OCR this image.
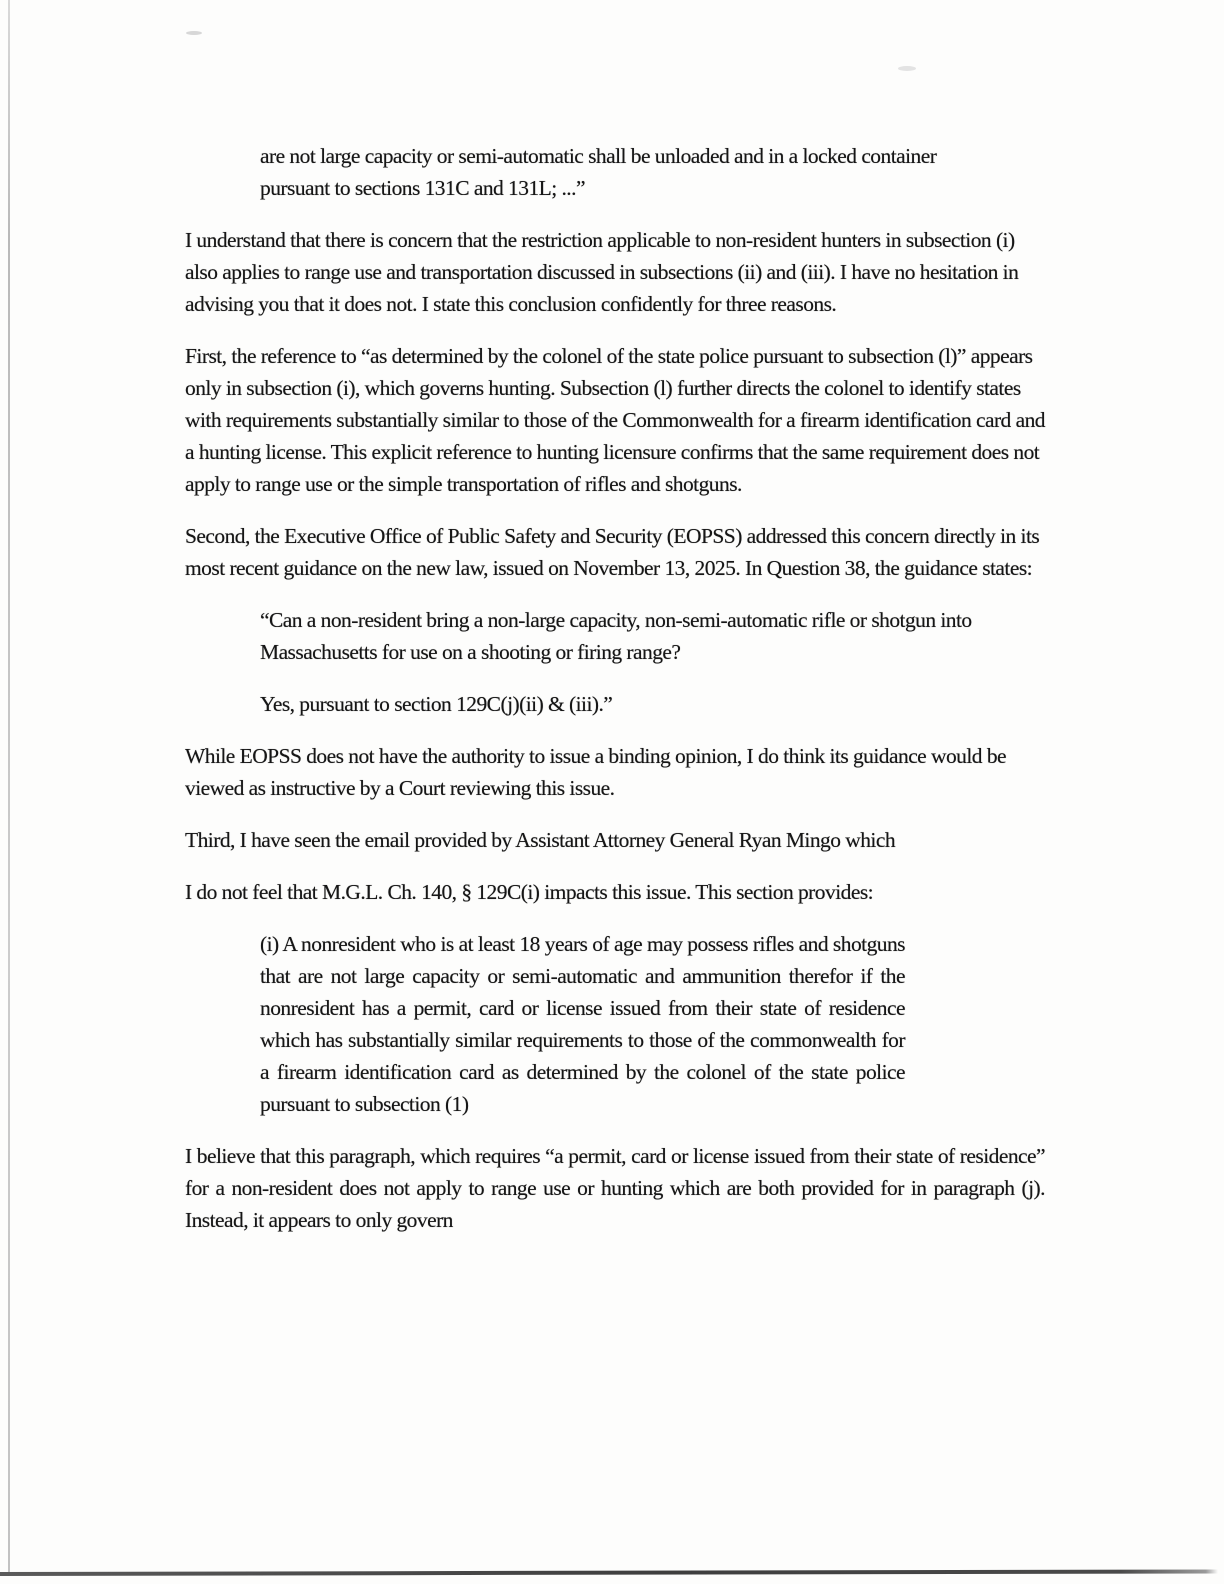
are not large capacity or semi-automatic shall be unloaded and in a locked container pursuant to sections 131C and 131L; ...”

I understand that there is concern that the restriction applicable to non-resident hunters in subsection (i) also applies to range use and transportation discussed in subsections (ii) and (iii). I have no hesitation in advising you that it does not. I state this conclusion confidently for three reasons.

First, the reference to “as determined by the colonel of the state police pursuant to subsection (l)” appears only in subsection (i), which governs hunting. Subsection (l) further directs the colonel to identify states with requirements substantially similar to those of the Commonwealth for a firearm identification card and a hunting license. This explicit reference to hunting licensure confirms that the same requirement does not apply to range use or the simple transportation of rifles and shotguns.

Second, the Executive Office of Public Safety and Security (EOPSS) addressed this concern directly in its most recent guidance on the new law, issued on November 13, 2025. In Question 38, the guidance states:

“Can a non-resident bring a non-large capacity, non-semi-automatic rifle or shotgun into Massachusetts for use on a shooting or firing range?

Yes, pursuant to section 129C(j)(ii) & (iii).”

While EOPSS does not have the authority to issue a binding opinion, I do think its guidance would be viewed as instructive by a Court reviewing this issue.

Third, I have seen the email provided by Assistant Attorney General Ryan Mingo which

I do not feel that M.G.L. Ch. 140, § 129C(i) impacts this issue. This section provides:

(i) A nonresident who is at least 18 years of age may possess rifles and shotguns that are not large capacity or semi-automatic and ammunition therefor if the nonresident has a permit, card or license issued from their state of residence which has substantially similar requirements to those of the commonwealth for a firearm identification card as determined by the colonel of the state police pursuant to subsection (1)

I believe that this paragraph, which requires “a permit, card or license issued from their state of residence” for a non-resident does not apply to range use or hunting which are both provided for in paragraph (j). Instead, it appears to only govern
